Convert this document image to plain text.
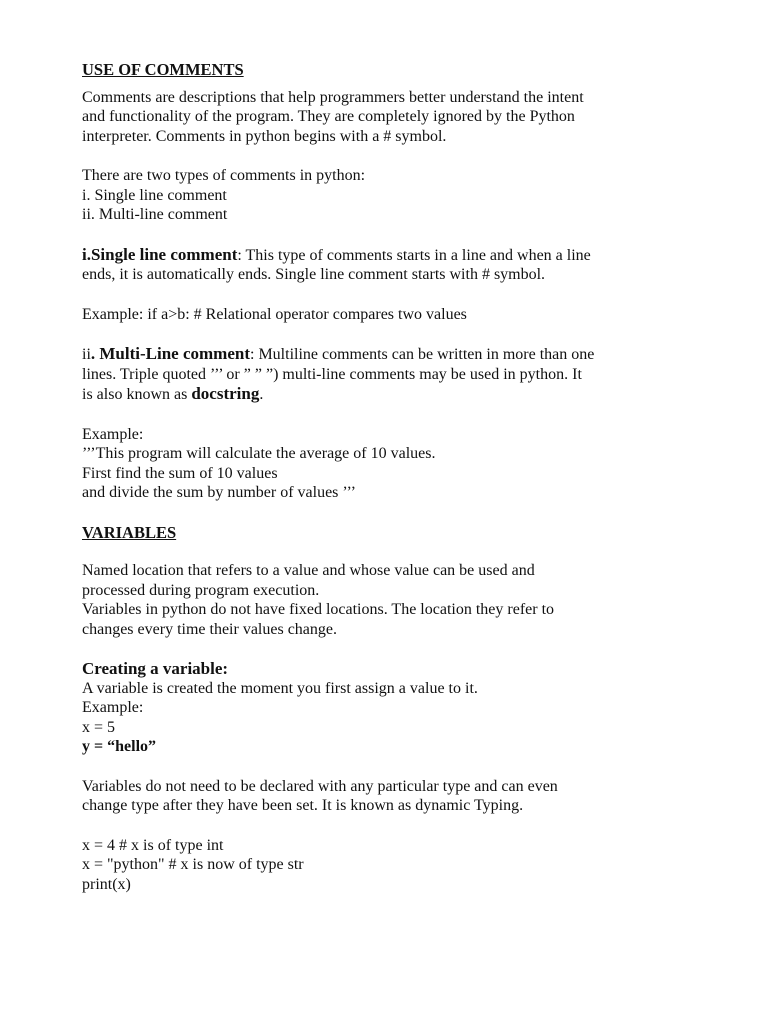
USE OF COMMENTS

Comments are descriptions that help programmers better understand the intent

and functionality of the program. They are completely ignored by the Python

interpreter. Comments in python begins with a # symbol.

There are two types of comments in python:

i. Single line comment

ii. Multi-line comment

i.Single line comment: This type of comments starts in a line and when a line

ends, it is automatically ends. Single line comment starts with # symbol.

Example: if a>b: # Relational operator compares two values

ii. Multi-Line comment: Multiline comments can be written in more than one

lines. Triple quoted ’’’ or ” ” ”) multi-line comments may be used in python. It

is also known as docstring.

Example:

’’’This program will calculate the average of 10 values.

First find the sum of 10 values

and divide the sum by number of values ’’’

VARIABLES

Named location that refers to a value and whose value can be used and

processed during program execution.

Variables in python do not have fixed locations. The location they refer to

changes every time their values change.

Creating a variable:

A variable is created the moment you first assign a value to it.

Example:

x = 5

y = “hello”

Variables do not need to be declared with any particular type and can even

change type after they have been set. It is known as dynamic Typing.

x = 4 # x is of type int

x = "python" # x is now of type str

print(x)
